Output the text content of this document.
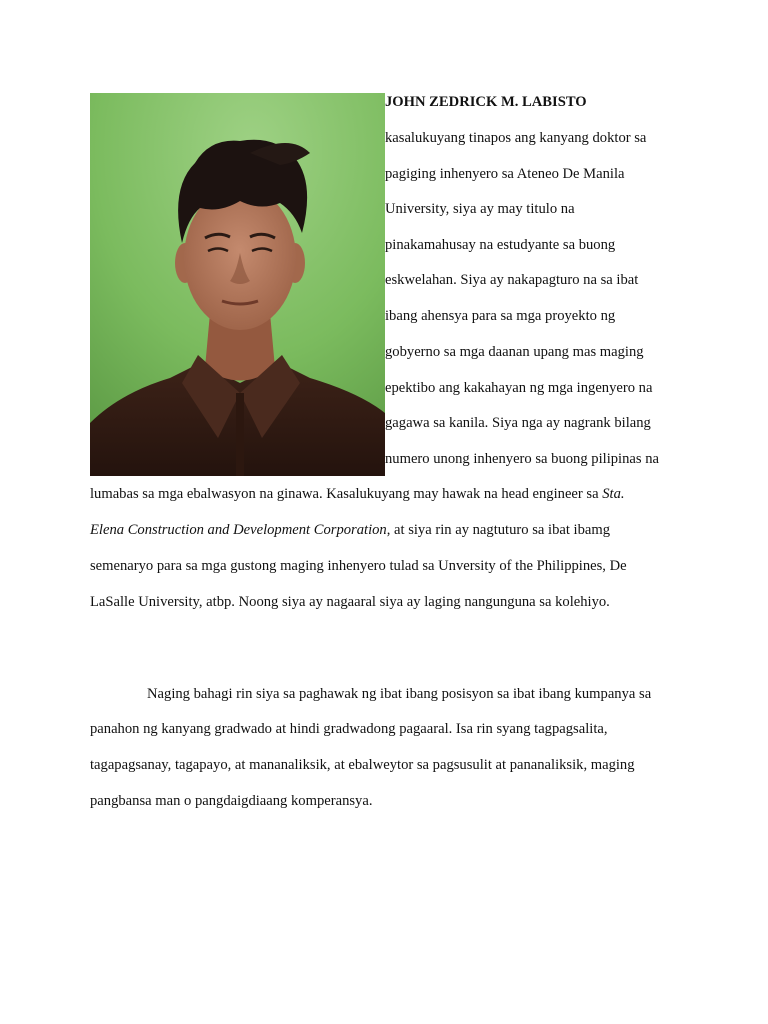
JOHN ZEDRICK M. LABISTO
kasalukuyang tinapos ang kanyang doktor sa
pagiging inhenyero sa Ateneo De Manila
University, siya ay may titulo na
pinakamahusay na estudyante sa buong
eskwelahan. Siya ay nakapagturo na sa ibat
ibang ahensya para sa mga proyekto ng
gobyerno sa mga daanan upang mas maging
epektibo ang kakahayan ng mga ingenyero na
gagawa sa kanila. Siya nga ay nagrank bilang
numero unong inhenyero sa buong pilipinas na
lumabas sa mga ebalwasyon na ginawa. Kasalukuyang may hawak na head engineer sa Sta.
Elena Construction and Development Corporation, at siya rin ay nagtuturo sa ibat ibamg
semenaryo para sa mga gustong maging inhenyero tulad sa Unversity of the Philippines, De
LaSalle University, atbp. Noong siya ay nagaaral siya ay laging nangunguna sa kolehiyo.
Naging bahagi rin siya sa paghawak ng ibat ibang posisyon sa ibat ibang kumpanya sa
panahon ng kanyang gradwado at hindi gradwadong pagaaral. Isa rin syang tagpagsalita,
tagapagsanay, tagapayo, at mananaliksik, at ebalweytor sa pagsusulit at pananaliksik, maging
pangbansa man o pangdaigdiaang komperansya.
